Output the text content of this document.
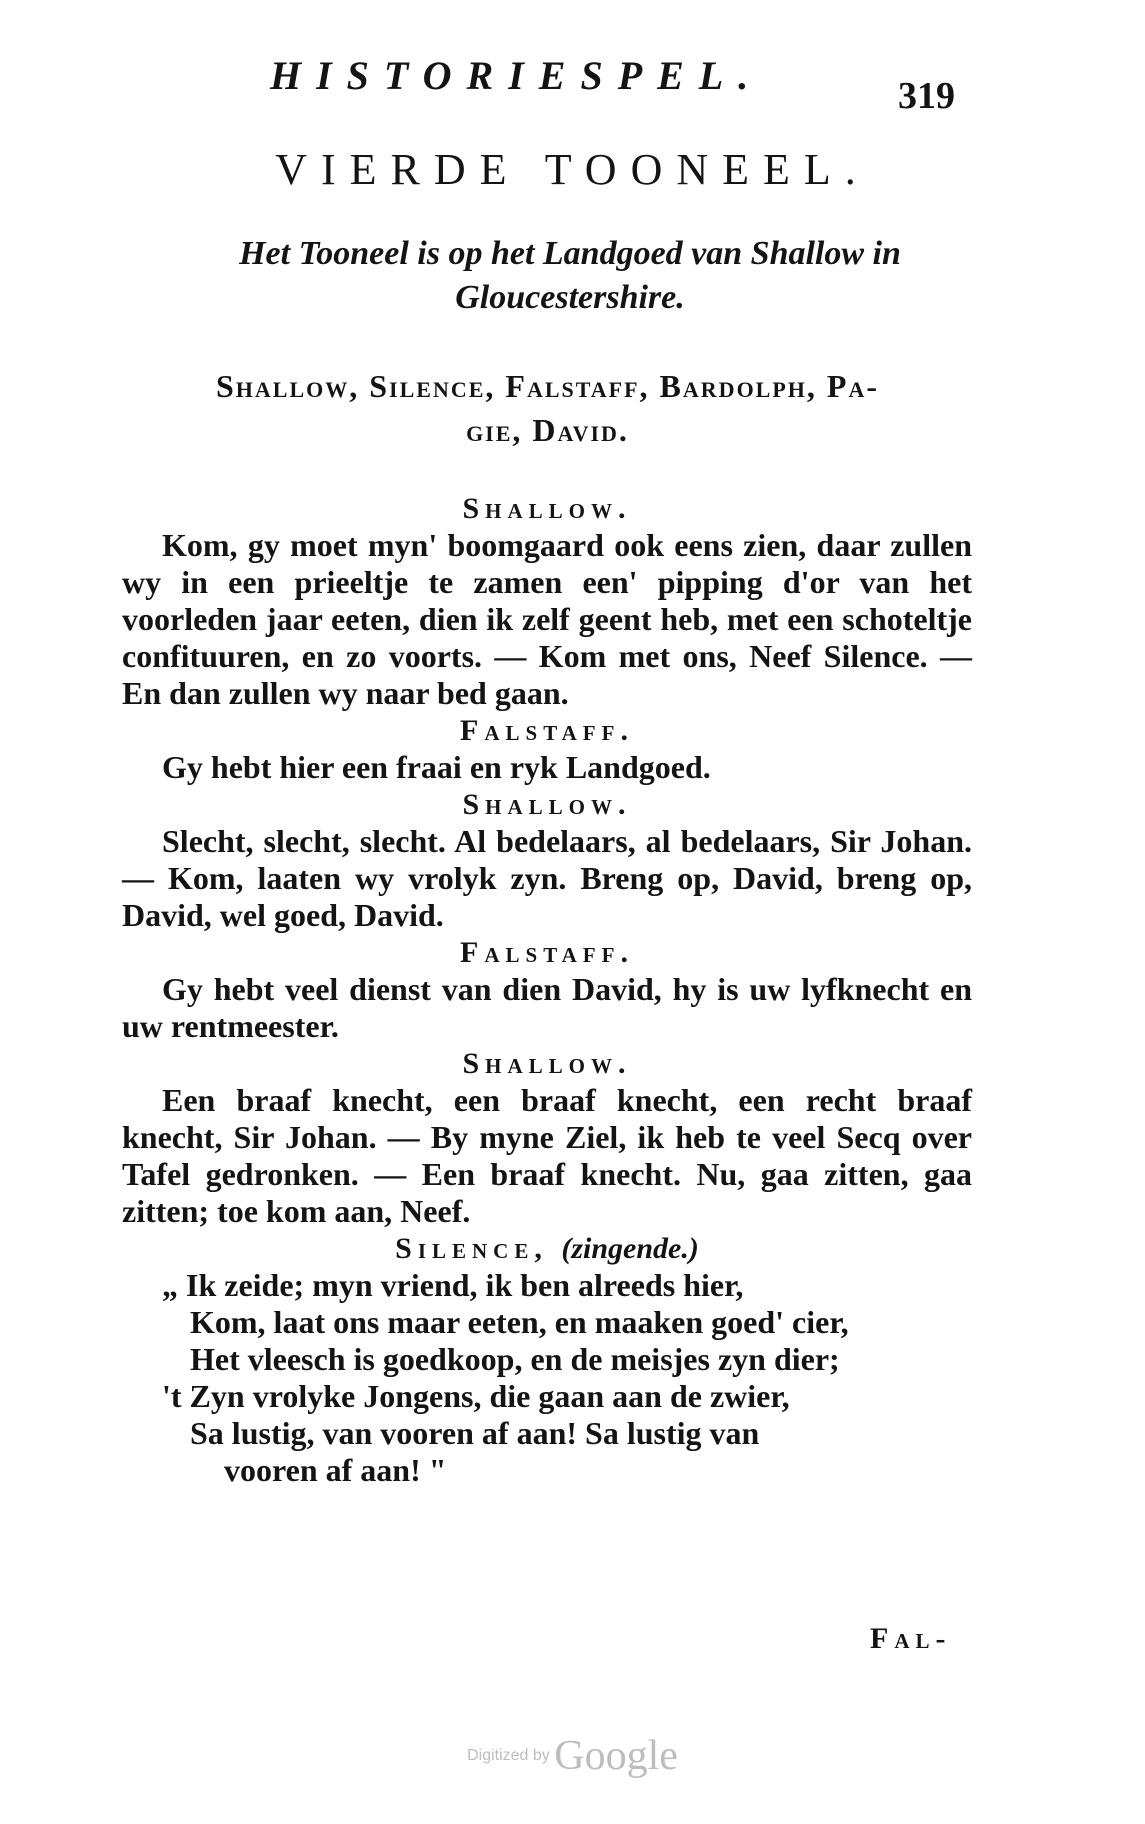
HISTORIESPEL.	319
VIERDE TOONEEL.
Het Tooneel is op het Landgoed van Shallow in
Gloucestershire.
Shallow, Silence, Falstaff, Bardolph, Pa-
gie, David.
Shallow.

Kom, gy moet myn' boomgaard ook eens zien, daar zullen wy in een prieeltje te zamen een' pipping d'or van het voorleden jaar eeten, dien ik zelf geent heb, met een schoteltje confituuren, en zo voorts. — Kom met ons, Neef Silence. — En dan zullen wy naar bed gaan.

Falstaff.

Gy hebt hier een fraai en ryk Landgoed.

Shallow.

Slecht, slecht, slecht. Al bedelaars, al bedelaars, Sir Johan. — Kom, laaten wy vrolyk zyn. Breng op, David, breng op, David, wel goed, David.

Falstaff.

Gy hebt veel dienst van dien David, hy is uw lyfknecht en uw rentmeester.

Shallow.

Een braaf knecht, een braaf knecht, een recht braaf knecht, Sir Johan. — By myne Ziel, ik heb te veel Secq over Tafel gedronken. — Een braaf knecht. Nu, gaa zitten, gaa zitten; toe kom aan, Neef.

Silence, (zingende.)
„ Ik zeide; myn vriend, ik ben alreeds hier,
Kom, laat ons maar eeten, en maaken goed' cier,
Het vleesch is goedkoop, en de meisjes zyn dier;
't Zyn vrolyke Jongens, die gaan aan de zwier,
Sa lustig, van vooren af aan! Sa lustig van
vooren af aan! "
Fal-
Digitized by Google
